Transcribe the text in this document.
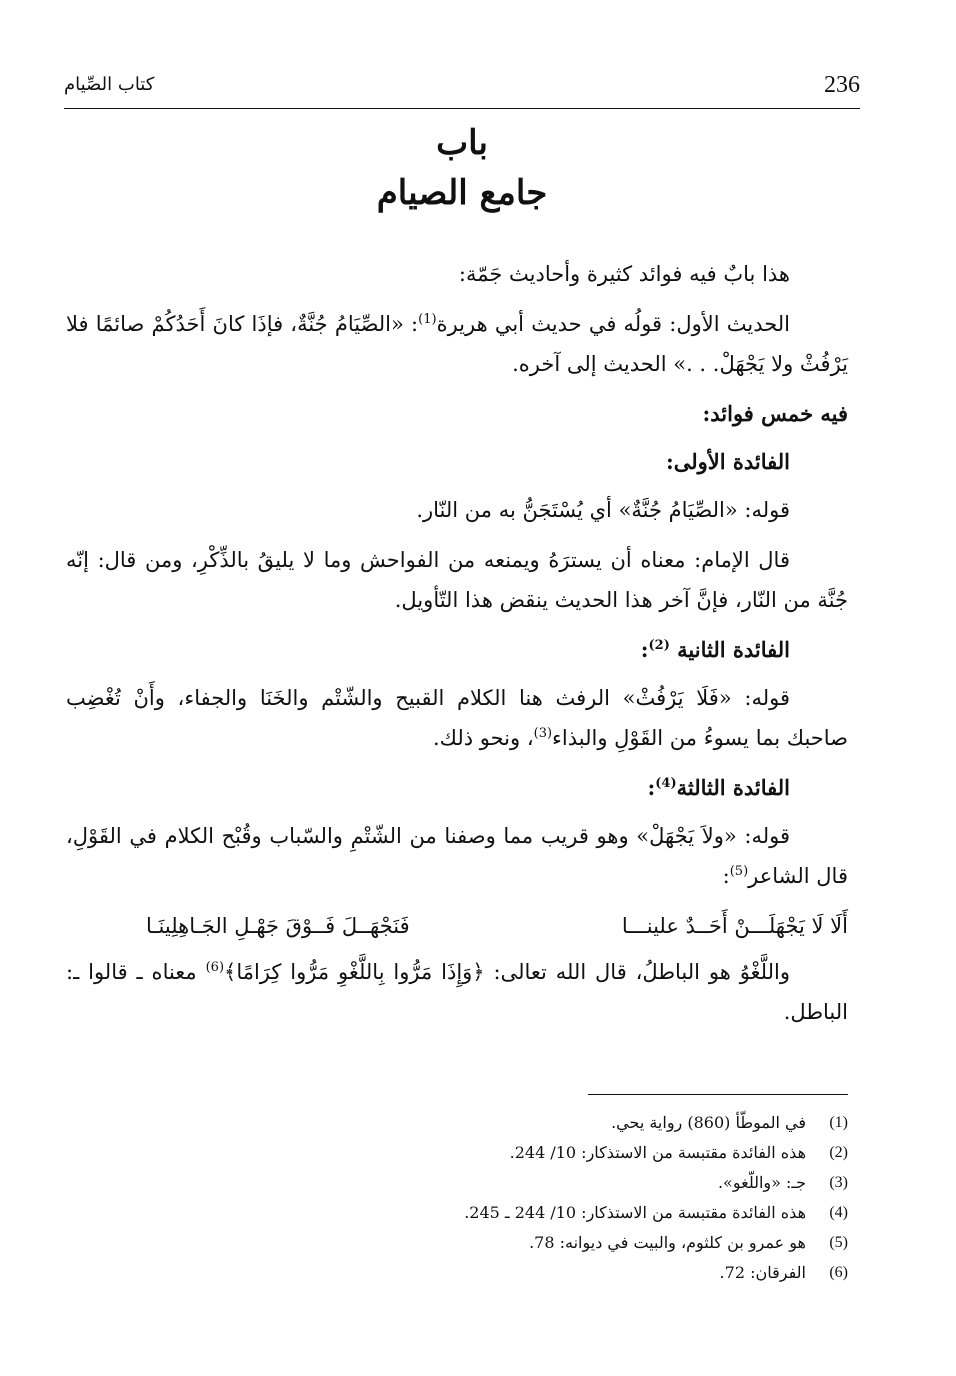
236
كتاب الصِّيام
باب
جامع الصيام

هذا بابٌ فيه فوائد كثيرة وأحاديث جَمّة:

الحديث الأول: قولُه في حديث أبي هريرة$^{(1)}$: «الصِّيَامُ جُنَّةٌ، فإذَا كانَ أَحَدُكُمْ صائمًا فلا يَرْفُثْ ولا يَجْهَلْ. . .» الحديث إلى آخره.

فيه خمس فوائد:
الفائدة الأولى:

قوله: «الصِّيَامُ جُنَّةٌ» أي يُسْتَجَنُّ به من النّار.

قال الإمام: معناه أن يسترَهُ ويمنعه من الفواحش وما لا يليقُ بالذِّكْرِ، ومن قال: إنّه جُنَّة من النّار، فإنَّ آخر هذا الحديث ينقض هذا التّأويل.

الفائدة الثانية $^{(2)}$:

قوله: «فَلَا يَرْفُثْ» الرفث هنا الكلام القبيح والشّتْم والخَنَا والجفاء، وأَنْ تُغْضِب صاحبك بما يسوءُ من القَوْلِ والبذاء$^{(3)}$، ونحو ذلك.

الفائدة الثالثة$^{(4)}$:

قوله: «ولاَ يَجْهَلْ» وهو قريب مما وصفنا من الشّتْمِ والسّباب وقُبْح الكلام في القَوْلِ، قال الشاعر$^{(5)}$:

أَلَا لَا يَجْهَلَـــنْ أَحَــدٌ علينـــا
فَنَجْهَــلَ فَــوْقَ جَهْـلِ الجَـاهِلِينَـا

واللَّغْوُ هو الباطلُ، قال الله تعالى: ﴿وَإِذَا مَرُّوا بِاللَّغْوِ مَرُّوا كِرَامًا﴾$^{(6)}$ معناه ـ قالوا ـ: الباطل.

(1)
في الموطّأ (860) رواية يحي.
(2)
هذه الفائدة مقتبسة من الاستذكار: 10/ 244.
(3)
جـ: «واللّغو».
(4)
هذه الفائدة مقتبسة من الاستذكار: 10/ 244 ـ 245.
(5)
هو عمرو بن كلثوم، والبيت في ديوانه: 78.
(6)
الفرقان: 72.
